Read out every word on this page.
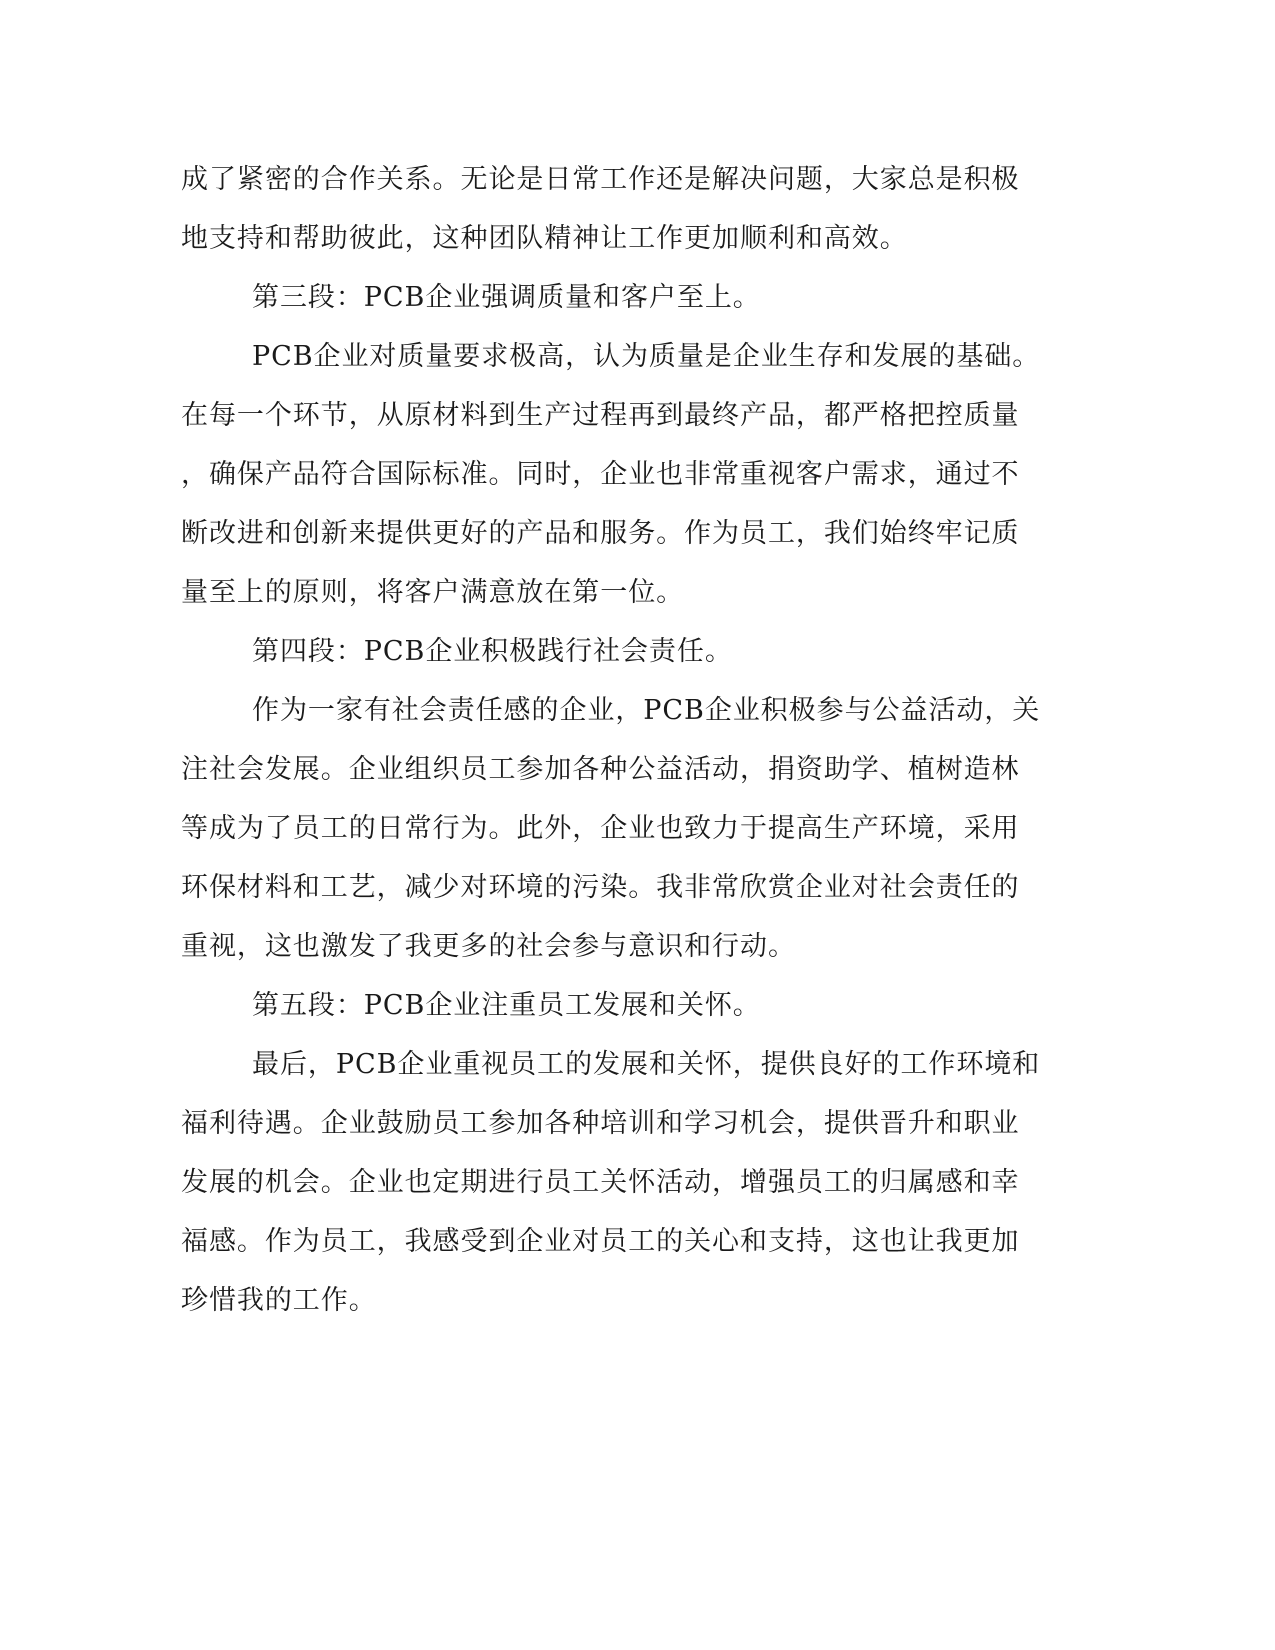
成了紧密的合作关系。无论是日常工作还是解决问题，大家总是积极
地支持和帮助彼此，这种团队精神让工作更加顺利和高效。
第三段：PCB企业强调质量和客户至上。
PCB企业对质量要求极高，认为质量是企业生存和发展的基础。
在每一个环节，从原材料到生产过程再到最终产品，都严格把控质量
，确保产品符合国际标准。同时，企业也非常重视客户需求，通过不
断改进和创新来提供更好的产品和服务。作为员工，我们始终牢记质
量至上的原则，将客户满意放在第一位。
第四段：PCB企业积极践行社会责任。
作为一家有社会责任感的企业，PCB企业积极参与公益活动，关
注社会发展。企业组织员工参加各种公益活动，捐资助学、植树造林
等成为了员工的日常行为。此外，企业也致力于提高生产环境，采用
环保材料和工艺，减少对环境的污染。我非常欣赏企业对社会责任的
重视，这也激发了我更多的社会参与意识和行动。
第五段：PCB企业注重员工发展和关怀。
最后，PCB企业重视员工的发展和关怀，提供良好的工作环境和
福利待遇。企业鼓励员工参加各种培训和学习机会，提供晋升和职业
发展的机会。企业也定期进行员工关怀活动，增强员工的归属感和幸
福感。作为员工，我感受到企业对员工的关心和支持，这也让我更加
珍惜我的工作。
